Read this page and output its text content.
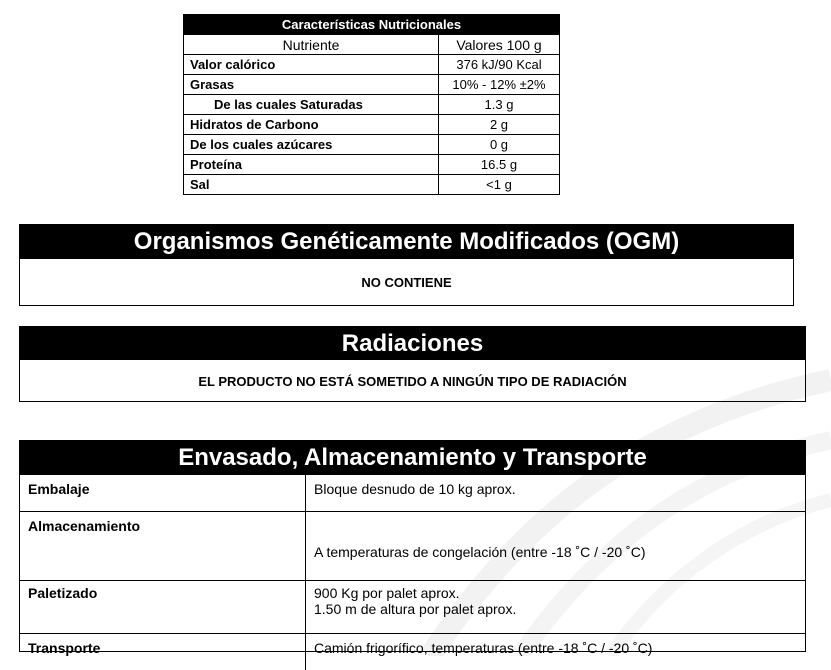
Características Nutricionales	
Nutriente	Valores 100 g
Valor calórico	376 kJ/90 Kcal
Grasas	10% - 12% ±2%
De las cuales Saturadas	1.3 g
Hidratos de Carbono	2 g
De los cuales azúcares	0 g
Proteína	16.5 g
Sal	<1 g
Organismos Genéticamente Modificados (OGM)
NO CONTIENE
Radiaciones
EL PRODUCTO NO ESTÁ SOMETIDO A NINGÚN TIPO DE RADIACIÓN
Envasado, Almacenamiento y Transporte
Embalaje	Bloque desnudo de 10 kg aprox.
Almacenamiento	A temperaturas de congelación (entre -18 ˚C / -20 ˚C)
Paletizado	900 Kg por palet aprox.
1.50 m de altura por palet aprox.

Transporte	Camión frigorífico, temperaturas (entre -18 ˚C / -20 ˚C)
